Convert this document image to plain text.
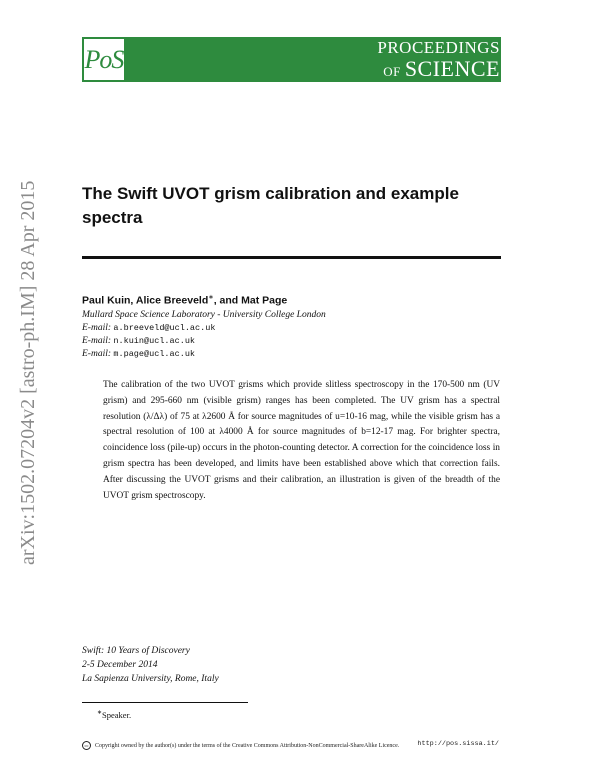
PoS	PROCEEDINGS
OF SCIENCE
arXiv:1502.07204v2 [astro-ph.IM] 28 Apr 2015	The Swift UVOT grism calibration and example spectra
Paul Kuin, Alice Breeveld∗, and Mat Page
Mullard Space Science Laboratory - University College London
E-mail: a.breeveld@ucl.ac.uk
E-mail: n.kuin@ucl.ac.uk
E-mail: m.page@ucl.ac.uk
The calibration of the two UVOT grisms which provide slitless spectroscopy in the 170-500 nm (UV grism) and 295-660 nm (visible grism) ranges has been completed. The UV grism has a spectral resolution (λ/Δλ) of 75 at λ2600 Å for source magnitudes of u=10-16 mag, while the visible grism has a spectral resolution of 100 at λ4000 Å for source magnitudes of b=12-17 mag. For brighter spectra, coincidence loss (pile-up) occurs in the photon-counting detector. A correction for the coincidence loss in grism spectra has been developed, and limits have been established above which that correction fails. After discussing the UVOT grisms and their calibration, an illustration is given of the breadth of the UVOT grism spectroscopy.
Swift: 10 Years of Discovery
2-5 December 2014
La Sapienza University, Rome, Italy
∗Speaker.
cc Copyright owned by the author(s) under the terms of the Creative Commons Attribution-NonCommercial-ShareAlike Licence.	http://pos.sissa.it/
